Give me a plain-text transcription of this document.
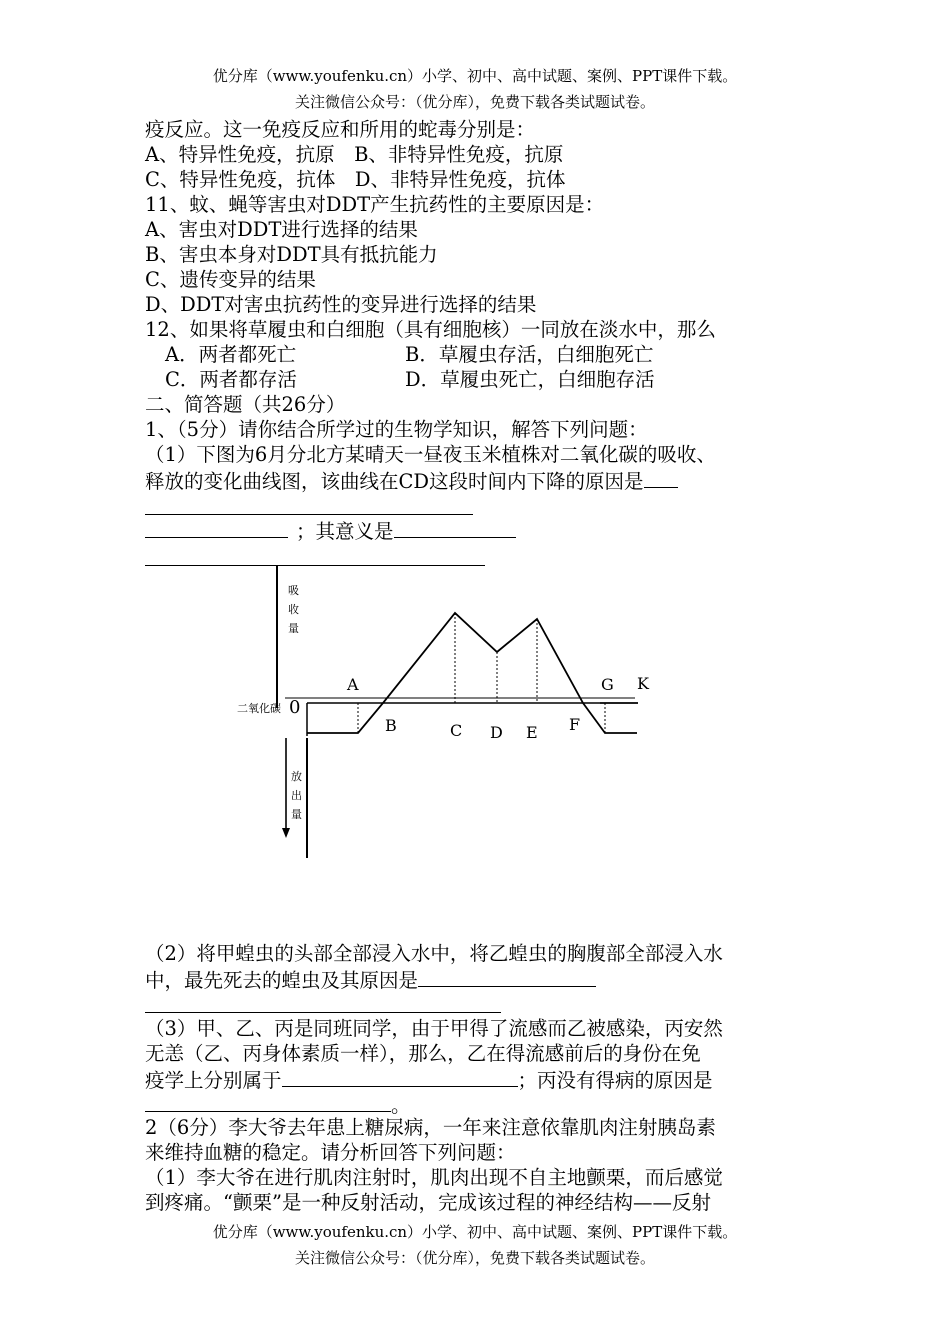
优分库（www.youfenku.cn）小学、初中、高中试题、案例、PPT课件下载。
关注微信公众号：（优分库），免费下载各类试题试卷。
疫反应。这一免疫反应和所用的蛇毒分别是：
A、特异性免疫，抗原　B、非特异性免疫，抗原
C、特异性免疫，抗体　D、非特异性免疫，抗体
11、蚊、蝇等害虫对DDT产生抗药性的主要原因是：
A、害虫对DDT进行选择的结果
B、害虫本身对DDT具有抵抗能力
C、遗传变异的结果
D、DDT对害虫抗药性的变异进行选择的结果
12、如果将草履虫和白细胞（具有细胞核）一同放在淡水中，那么
A．两者都死亡	B．草履虫存活，白细胞死亡
C．两者都存活	D．草履虫死亡，白细胞存活
二、简答题（共26分）
1、（5分）请你结合所学过的生物学知识，解答下列问题：
（1）下图为6月分北方某晴天一昼夜玉米植株对二氧化碳的吸收、
释放的变化曲线图，该曲线在CD这段时间内下降的原因是
；其意义是
A
B	C D E F
G K
二氧化碳 0
吸
收
量
放
出
量
（2）将甲蝗虫的头部全部浸入水中，将乙蝗虫的胸腹部全部浸入水
中，最先死去的蝗虫及其原因是
（3）甲、乙、丙是同班同学，由于甲得了流感而乙被感染，丙安然
无恙（乙、丙身体素质一样），那么，乙在得流感前后的身份在免
疫学上分别属于	；丙没有得病的原因是
。
2（6分）李大爷去年患上糖尿病，一年来注意依靠肌肉注射胰岛素
来维持血糖的稳定。请分析回答下列问题：
（1）李大爷在进行肌肉注射时，肌肉出现不自主地颤栗，而后感觉
到疼痛。“颤栗”是一种反射活动，完成该过程的神经结构——反射
优分库（www.youfenku.cn）小学、初中、高中试题、案例、PPT课件下载。
关注微信公众号：（优分库），免费下载各类试题试卷。
